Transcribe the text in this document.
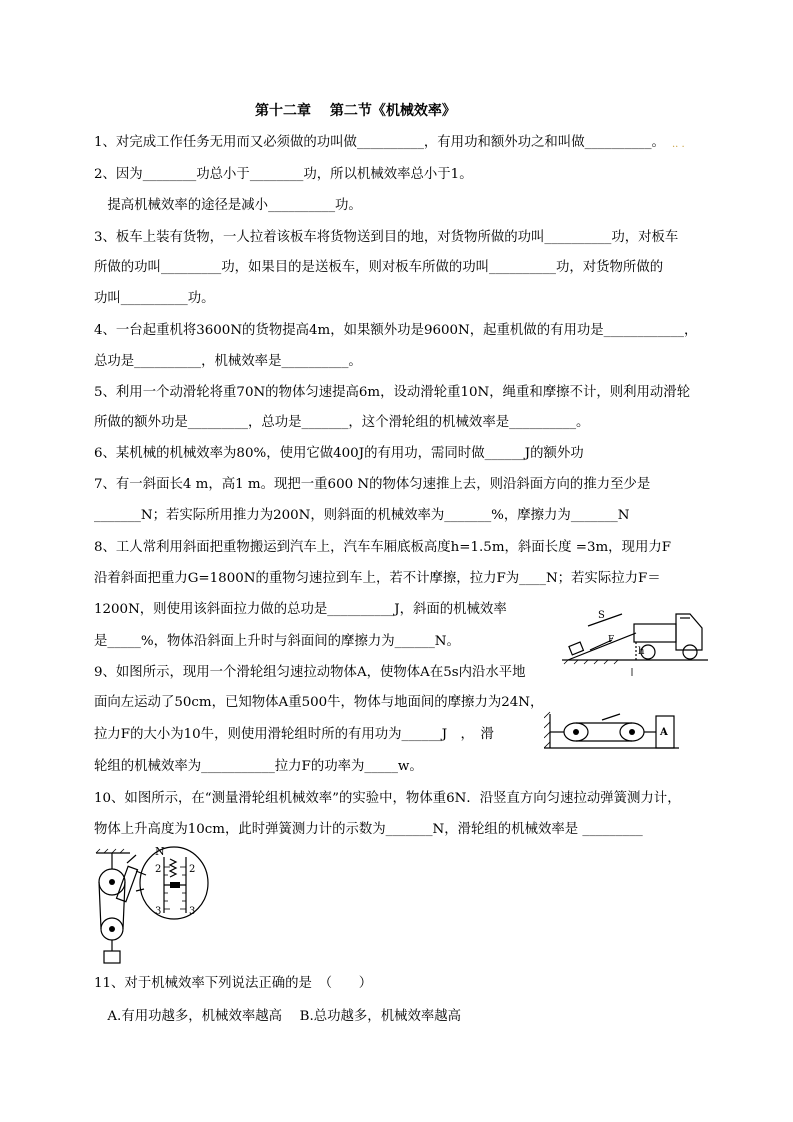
第十二章　 第二节《机械效率》
1、对完成工作任务无用而又必须做的功叫做__________，有用功和额外功之和叫做__________。 .. .
2、因为________功总小于________功，所以机械效率总小于1。
　提高机械效率的途径是减小__________功。
3、板车上装有货物，一人拉着该板车将货物送到目的地，对货物所做的功叫__________功，对板车
所做的功叫_________功，如果目的是送板车，则对板车所做的功叫__________功，对货物所做的
功叫__________功。
4、一台起重机将3600N的货物提高4m，如果额外功是9600N，起重机做的有用功是____________，
总功是__________，机械效率是__________。
5、利用一个动滑轮将重70N的物体匀速提高6m，设动滑轮重10N，绳重和摩擦不计，则利用动滑轮
所做的额外功是_________，总功是_______，这个滑轮组的机械效率是__________。
6、某机械的机械效率为80%，使用它做400J的有用功，需同时做______J的额外功
7、有一斜面长4 m，高1 m。现把一重600 N的物体匀速推上去，则沿斜面方向的推力至少是
_______N；若实际所用推力为200N，则斜面的机械效率为_______%，摩擦力为_______N
8、工人常利用斜面把重物搬运到汽车上，汽车车厢底板高度h=1.5m，斜面长度 =3m，现用力F
沿着斜面把重力G=1800N的重物匀速拉到车上，若不计摩擦，拉力F为____N；若实际拉力F＝
1200N，则使用该斜面拉力做的总功是__________J，斜面的机械效率
是_____%，物体沿斜面上升时与斜面间的摩擦力为______N。
9、如图所示，现用一个滑轮组匀速拉动物体A，使物体A在5s内沿水平地
面向左运动了50cm，已知物体A重500牛，物体与地面间的摩擦力为24N，
拉力F的大小为10牛，则使用滑轮组时所的有用功为______J　，　滑
轮组的机械效率为___________拉力F的功率为_____w。
10、如图所示，在“测量滑轮组机械效率”的实验中，物体重6N．沿竖直方向匀速拉动弹簧测力计，
物体上升高度为10cm，此时弹簧测力计的示数为_______N，滑轮组的机械效率是 _________
11、对于机械效率下列说法正确的是　（　　）
　A.有用功越多，机械效率越高　 B.总功越多，机械效率越高
S
F
h
A
N
2	2
3	3
